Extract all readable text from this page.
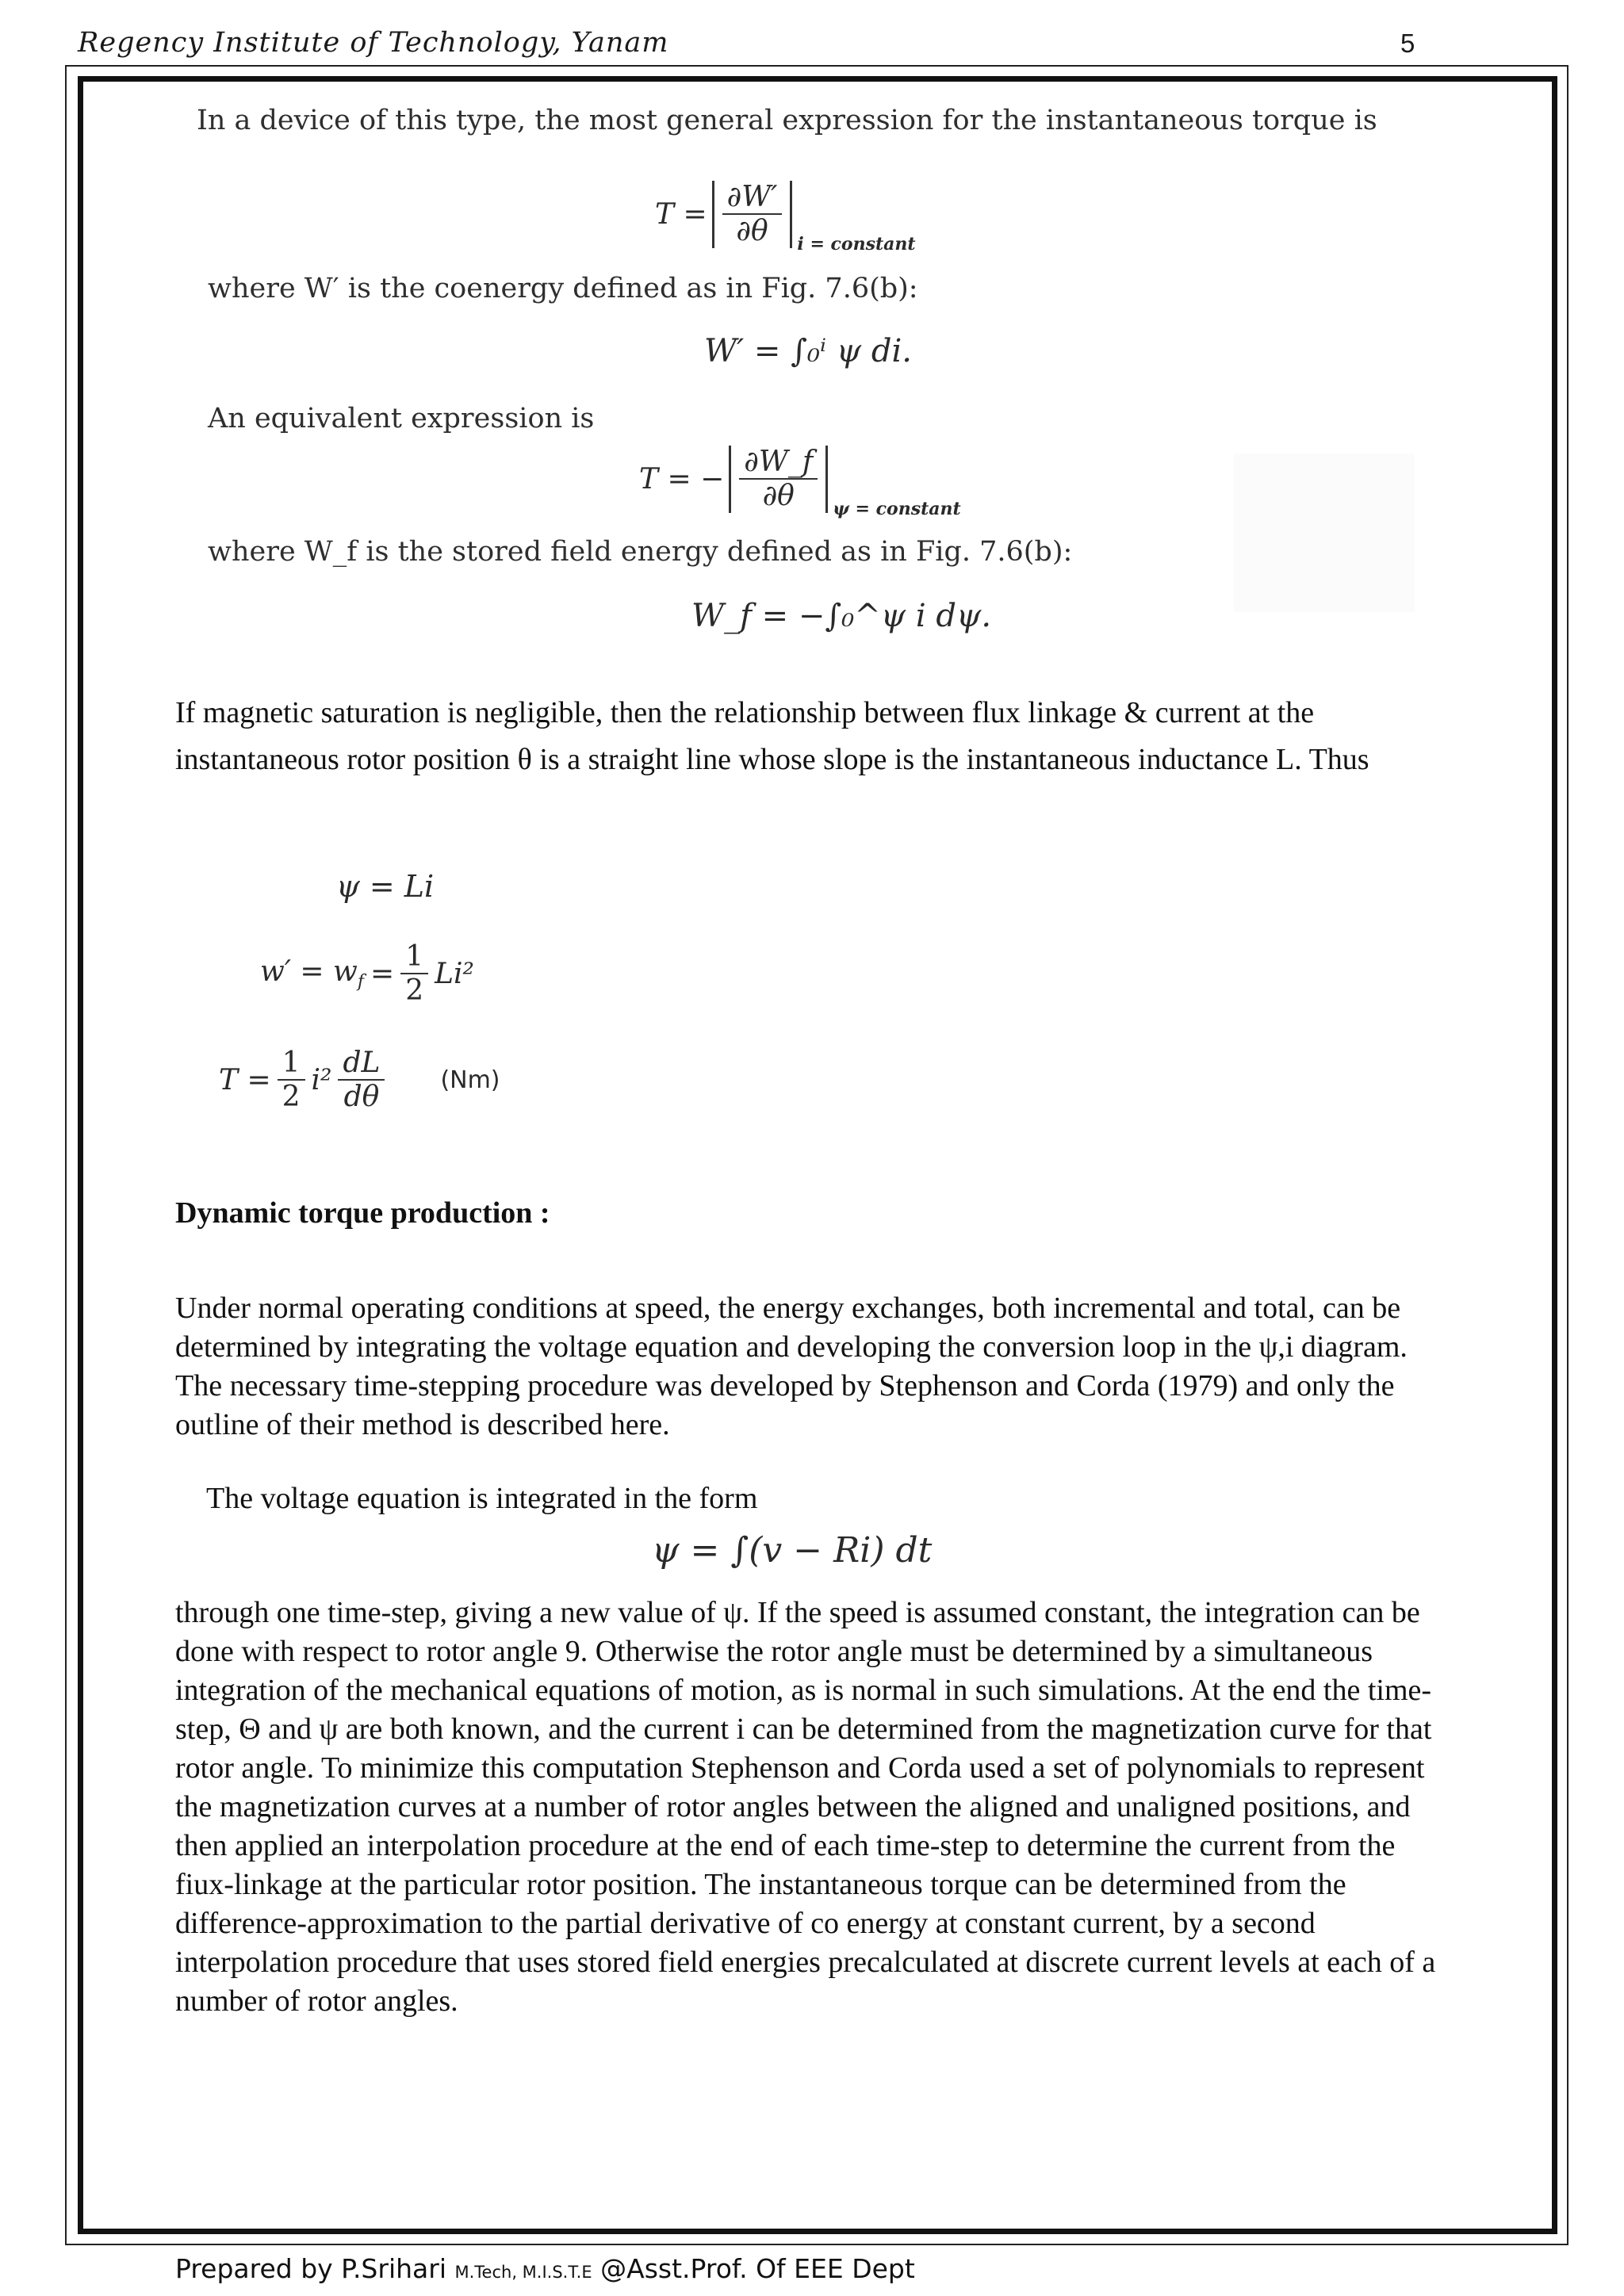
Regency Institute of Technology, Yanam	5
In a device of this type, the most general expression for the instantaneous torque is
$T = \frac{\partial W'}{\partial\theta}$ i = constant
where W′ is the coenergy defined as in Fig. 7.6(b):
W′ = ∫₀ⁱ ψ di.
An equivalent expression is
T = − $\frac{\partial W\_f}{\partial\theta}$ ψ = constant
where W_f is the stored field energy defined as in Fig. 7.6(b):
W_f = −∫₀^ψ i dψ.
If magnetic saturation is negligible, then the relationship between flux linkage & current at the instantaneous rotor position θ is a straight line whose slope is the instantaneous inductance L. Thus
ψ = Li
$w' = w_f = \frac{1}{2} Li^2$
$T = \frac{1}{2} i^2 \frac{dL}{d\theta} (Nm)$
Dynamic torque production :
Under normal operating conditions at speed, the energy exchanges, both incremental and total, can be determined by integrating the voltage equation and developing the conversion loop in the ψ,i diagram. The necessary time-stepping procedure was developed by Stephenson and Corda (1979) and only the outline of their method is described here.
The voltage equation is integrated in the form
ψ = ∫(v − Ri) dt
through one time-step, giving a new value of ψ. If the speed is assumed constant, the integration can be done with respect to rotor angle 9. Otherwise the rotor angle must be determined by a simultaneous integration of the mechanical equations of motion, as is normal in such simulations. At the end the time-step, Θ and ψ are both known, and the current i can be determined from the magnetization curve for that rotor angle. To minimize this computation Stephenson and Corda used a set of polynomials to represent the magnetization curves at a number of rotor angles between the aligned and unaligned positions, and then applied an interpolation procedure at the end of each time-step to determine the current from the fiux-linkage at the particular rotor position. The instantaneous torque can be determined from the difference-approximation to the partial derivative of co energy at constant current, by a second interpolation procedure that uses stored field energies precalculated at discrete current levels at each of a number of rotor angles.
Prepared by P.Srihari M.Tech, M.I.S.T.E @Asst.Prof. Of EEE Dept
